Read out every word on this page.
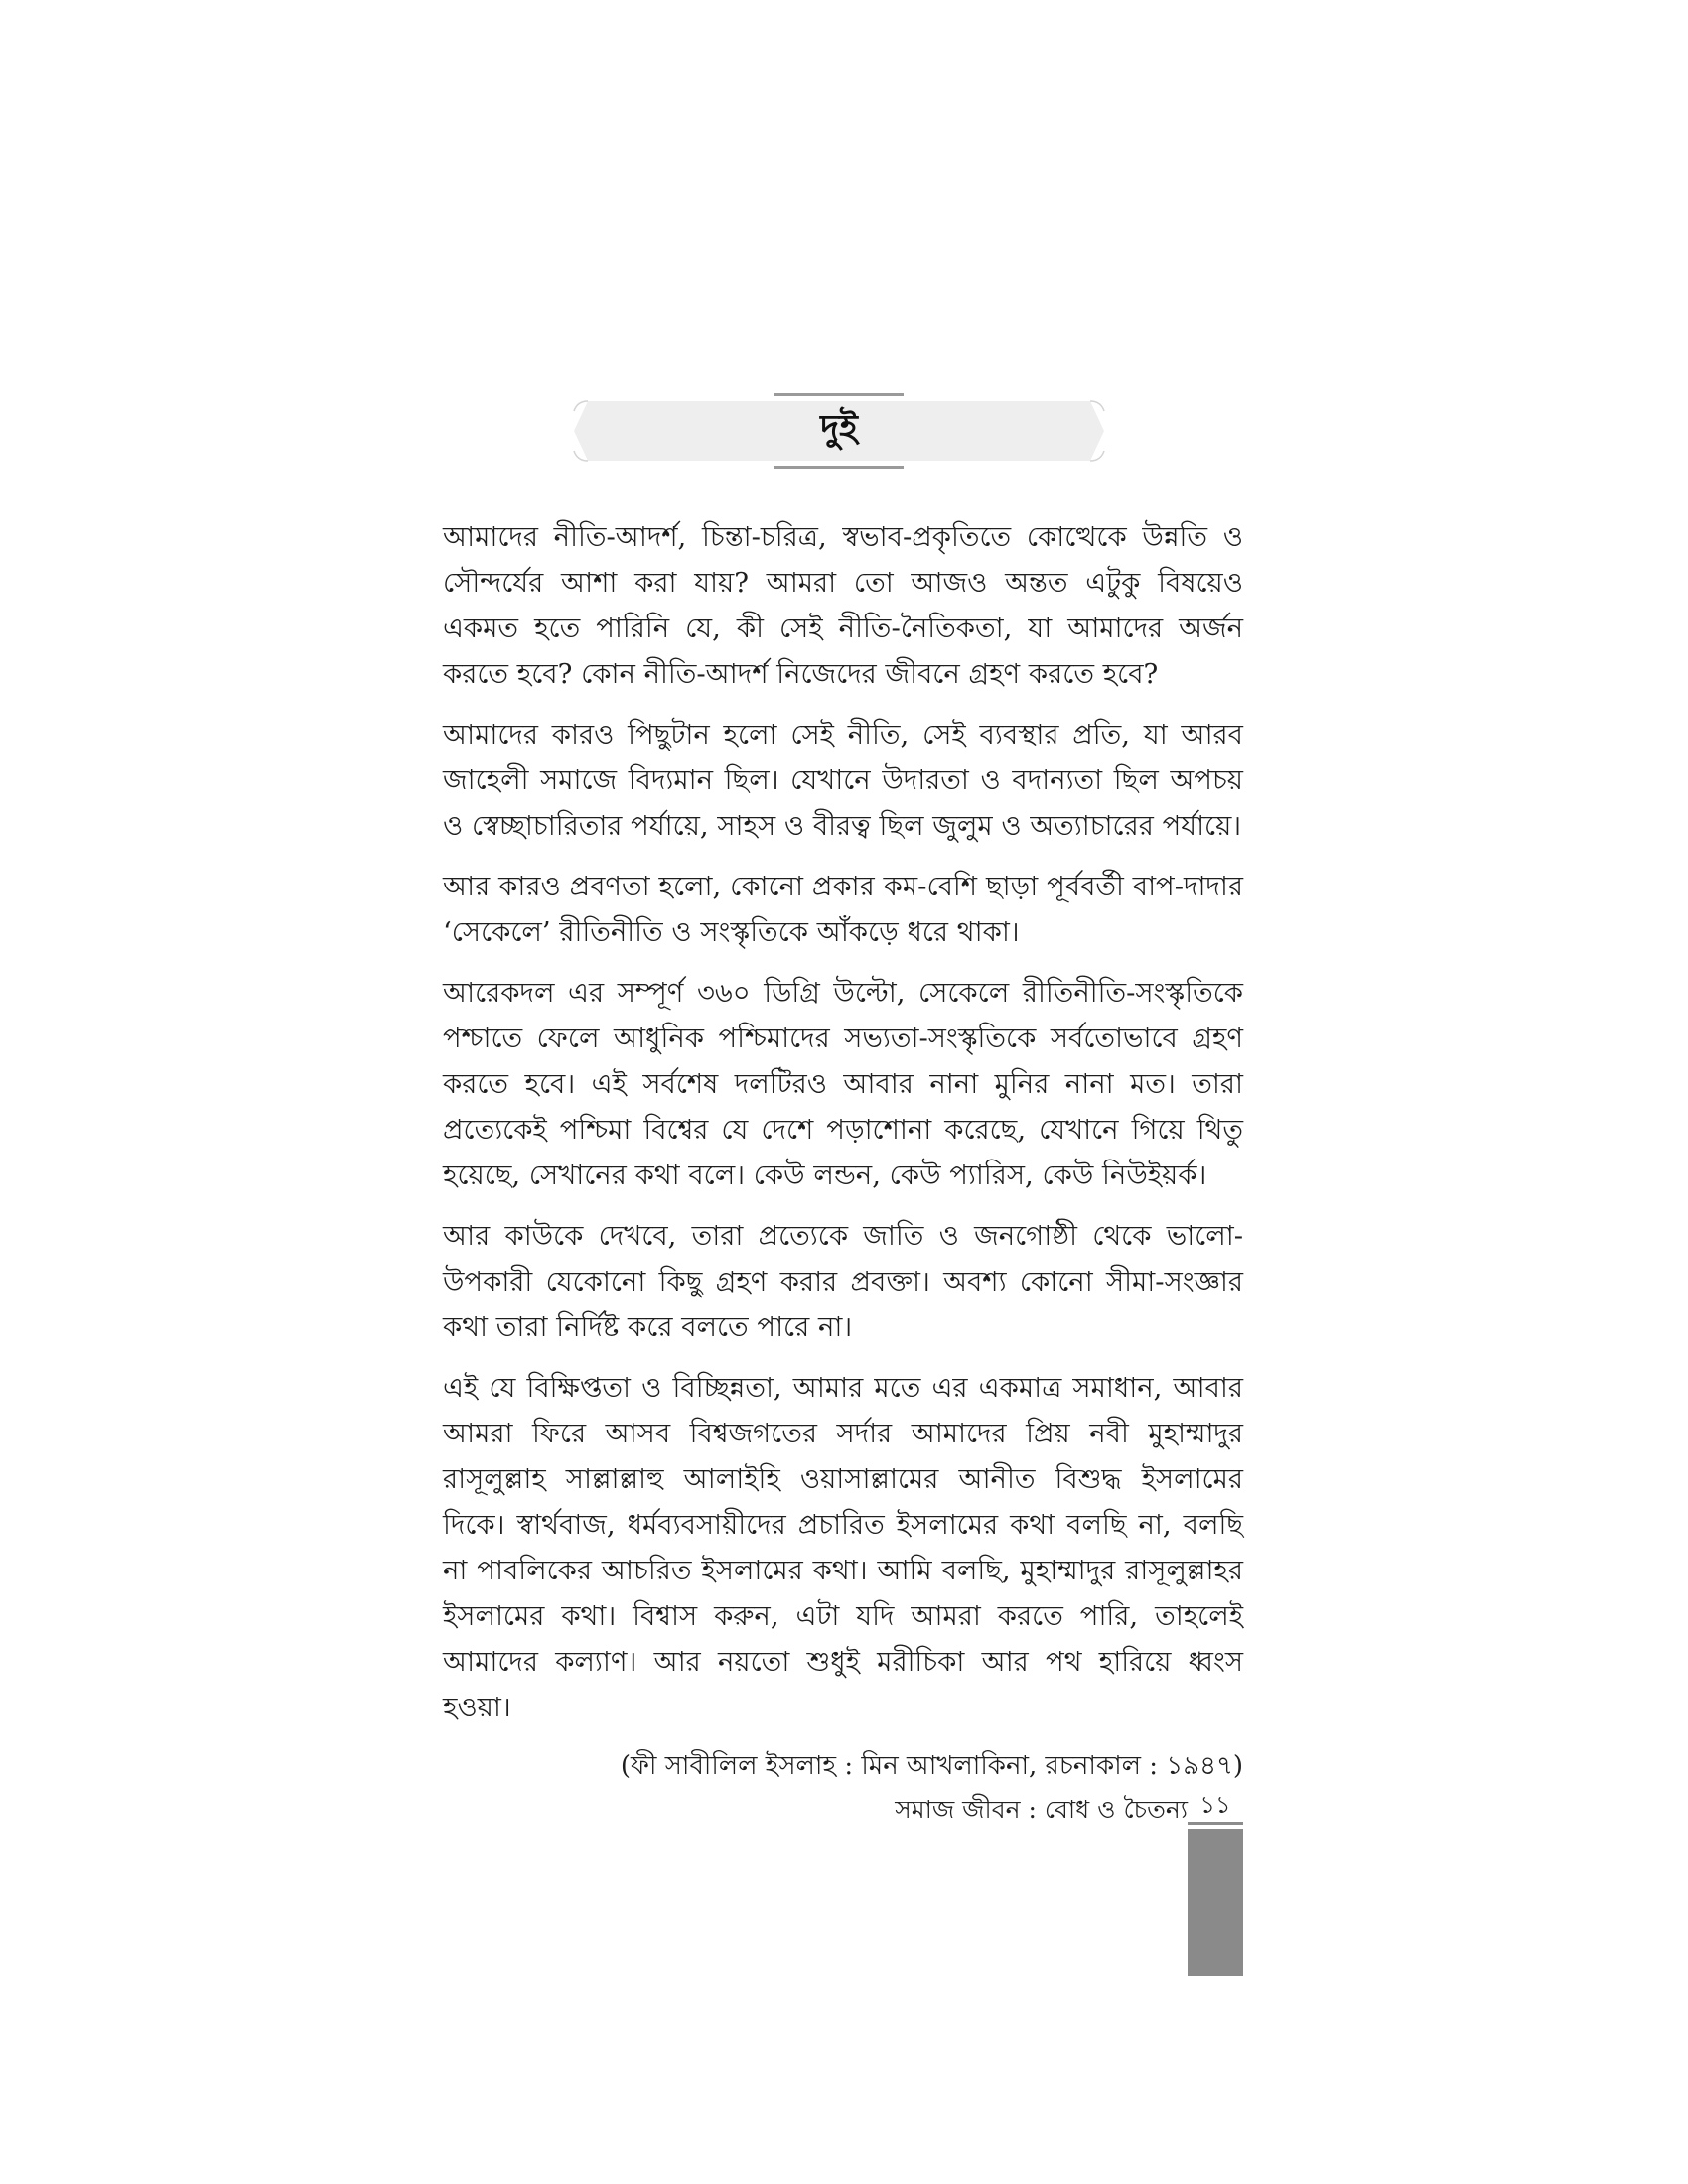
দুই

আমাদের নীতি-আদর্শ, চিন্তা-চরিত্র, স্বভাব-প্রকৃতিতে কোত্থেকে উন্নতি ও সৌন্দর্যের আশা করা যায়? আমরা তো আজও অন্তত এটুকু বিষয়েও একমত হতে পারিনি যে, কী সেই নীতি-নৈতিকতা, যা আমাদের অর্জন করতে হবে? কোন নীতি-আদর্শ নিজেদের জীবনে গ্রহণ করতে হবে?

আমাদের কারও পিছুটান হলো সেই নীতি, সেই ব্যবস্থার প্রতি, যা আরব জাহেলী সমাজে বিদ্যমান ছিল। যেখানে উদারতা ও বদান্যতা ছিল অপচয় ও স্বেচ্ছাচারিতার পর্যায়ে, সাহস ও বীরত্ব ছিল জুলুম ও অত্যাচারের পর্যায়ে।

আর কারও প্রবণতা হলো, কোনো প্রকার কম-বেশি ছাড়া পূর্ববর্তী বাপ-দাদার ‘সেকেলে’ রীতিনীতি ও সংস্কৃতিকে আঁকড়ে ধরে থাকা।

আরেকদল এর সম্পূর্ণ ৩৬০ ডিগ্রি উল্টো, সেকেলে রীতিনীতি-সংস্কৃতিকে পশ্চাতে ফেলে আধুনিক পশ্চিমাদের সভ্যতা-সংস্কৃতিকে সর্বতোভাবে গ্রহণ করতে হবে। এই সর্বশেষ দলটিরও আবার নানা মুনির নানা মত। তারা প্রত্যেকেই পশ্চিমা বিশ্বের যে দেশে পড়াশোনা করেছে, যেখানে গিয়ে থিতু হয়েছে, সেখানের কথা বলে। কেউ লন্ডন, কেউ প্যারিস, কেউ নিউইয়র্ক।

আর কাউকে দেখবে, তারা প্রত্যেকে জাতি ও জনগোষ্ঠী থেকে ভালো-উপকারী যেকোনো কিছু গ্রহণ করার প্রবক্তা। অবশ্য কোনো সীমা-সংজ্ঞার কথা তারা নির্দিষ্ট করে বলতে পারে না।

এই যে বিক্ষিপ্ততা ও বিচ্ছিন্নতা, আমার মতে এর একমাত্র সমাধান, আবার আমরা ফিরে আসব বিশ্বজগতের সর্দার আমাদের প্রিয় নবী মুহাম্মাদুর রাসূলুল্লাহ সাল্লাল্লাহু আলাইহি ওয়াসাল্লামের আনীত বিশুদ্ধ ইসলামের দিকে। স্বার্থবাজ, ধর্মব্যবসায়ীদের প্রচারিত ইসলামের কথা বলছি না, বলছি না পাবলিকের আচরিত ইসলামের কথা। আমি বলছি, মুহাম্মাদুর রাসূলুল্লাহর ইসলামের কথা। বিশ্বাস করুন, এটা যদি আমরা করতে পারি, তাহলেই আমাদের কল্যাণ। আর নয়তো শুধুই মরীচিকা আর পথ হারিয়ে ধ্বংস হওয়া।

(ফী সাবীলিল ইসলাহ : মিন আখলাকিনা, রচনাকাল : ১৯৪৭)

সমাজ জীবন : বোধ ও চৈতন্য ১১
